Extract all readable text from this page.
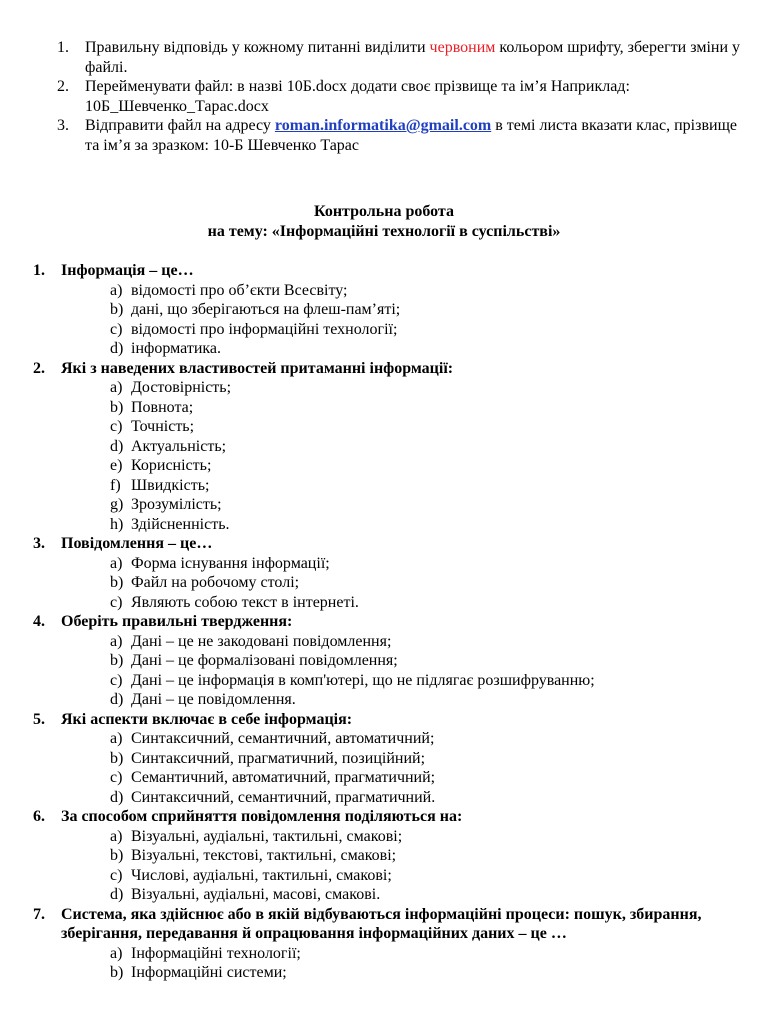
1. Правильну відповідь у кожному питанні виділити червоним кольором шрифту, зберегти зміни у файлі.

2. Перейменувати файл: в назві 10Б.docx додати своє прізвище та ім’я Наприклад: 10Б_Шевченко_Тарас.docx

3. Відправити файл на адресу roman.informatika@gmail.com в темі листа вказати клас, прізвище та ім’я за зразком: 10-Б Шевченко Тарас

Контрольна робота
на тему: «Інформаційні технології в суспільстві»
1. Інформація – це…
a) відомості про об’єкти Всесвіту;
b) дані, що зберігаються на флеш-пам’яті;
c) відомості про інформаційні технології;
d) інформатика.
2. Які з наведених властивостей притаманні інформації:
a) Достовірність;
b) Повнота;
c) Точність;
d) Актуальність;
e) Корисність;
f) Швидкість;
g) Зрозумілість;
h) Здійсненність.
3. Повідомлення – це…
a) Форма існування інформації;
b) Файл на робочому столі;
c) Являють собою текст в інтернеті.
4. Оберіть правильні твердження:
a) Дані – це не закодовані повідомлення;
b) Дані – це формалізовані повідомлення;
c) Дані – це інформація в комп'ютері, що не підлягає розшифруванню;
d) Дані – це повідомлення.
5. Які аспекти включає в себе інформація:
a) Синтаксичний, семантичний, автоматичний;
b) Синтаксичний, прагматичний, позиційний;
c) Семантичний, автоматичний, прагматичний;
d) Синтаксичний, семантичний, прагматичний.
6. За способом сприйняття повідомлення поділяються на:
a) Візуальні, аудіальні, тактильні, смакові;
b) Візуальні, текстові, тактильні, смакові;
c) Числові, аудіальні, тактильні, смакові;
d) Візуальні, аудіальні, масові, смакові.
7. Система, яка здійснює або в якій відбуваються інформаційні процеси: пошук, збирання, зберігання, передавання й опрацювання інформаційних даних – це …
a) Інформаційні технології;
b) Інформаційні системи;
